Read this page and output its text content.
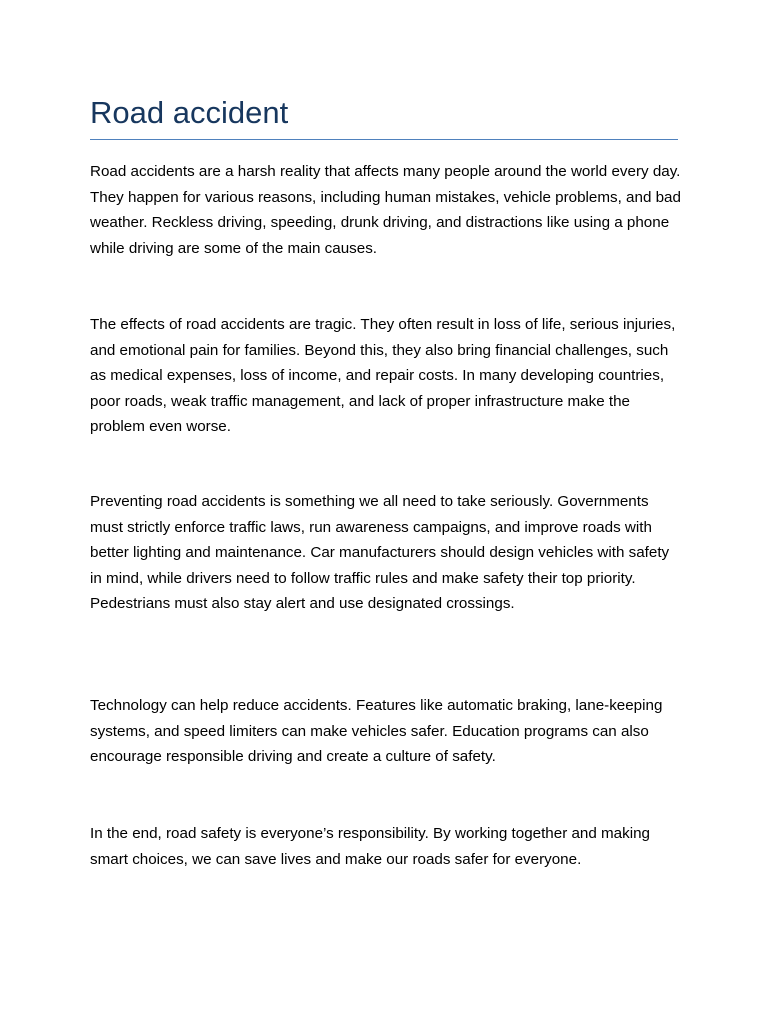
Road accident

Road accidents are a harsh reality that affects many people around the world every day. They happen for various reasons, including human mistakes, vehicle problems, and bad weather. Reckless driving, speeding, drunk driving, and distractions like using a phone while driving are some of the main causes.

The effects of road accidents are tragic. They often result in loss of life, serious injuries, and emotional pain for families. Beyond this, they also bring financial challenges, such as medical expenses, loss of income, and repair costs. In many developing countries, poor roads, weak traffic management, and lack of proper infrastructure make the problem even worse.

Preventing road accidents is something we all need to take seriously. Governments must strictly enforce traffic laws, run awareness campaigns, and improve roads with better lighting and maintenance. Car manufacturers should design vehicles with safety in mind, while drivers need to follow traffic rules and make safety their top priority. Pedestrians must also stay alert and use designated crossings.

Technology can help reduce accidents. Features like automatic braking, lane-keeping systems, and speed limiters can make vehicles safer. Education programs can also encourage responsible driving and create a culture of safety.

In the end, road safety is everyone’s responsibility. By working together and making smart choices, we can save lives and make our roads safer for everyone.
